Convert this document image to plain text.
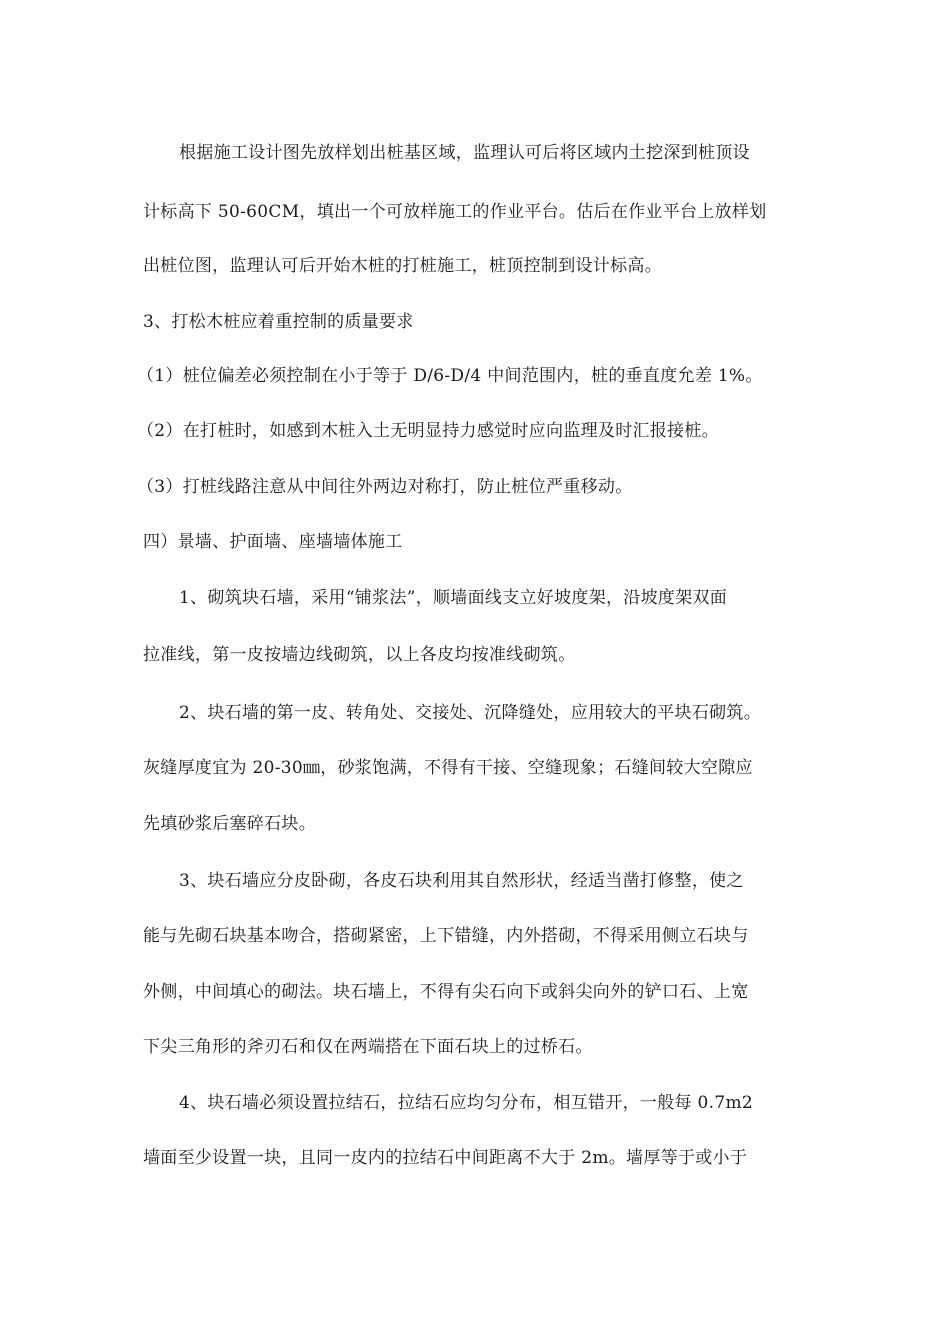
根据施工设计图先放样划出桩基区域，监理认可后将区域内土挖深到桩顶设
计标高下 50-60CM，填出一个可放样施工的作业平台。估后在作业平台上放样划
出桩位图，监理认可后开始木桩的打桩施工，桩顶控制到设计标高。
3、打松木桩应着重控制的质量要求
（1）桩位偏差必须控制在小于等于 D/6-D/4 中间范围内，桩的垂直度允差 1%。
（2）在打桩时，如感到木桩入土无明显持力感觉时应向监理及时汇报接桩。
（3）打桩线路注意从中间往外两边对称打，防止桩位严重移动。
四）景墙、护面墙、座墙墙体施工
1、砌筑块石墙，采用“铺浆法”，顺墙面线支立好坡度架，沿坡度架双面
拉准线，第一皮按墙边线砌筑，以上各皮均按准线砌筑。
2、块石墙的第一皮、转角处、交接处、沉降缝处，应用较大的平块石砌筑。
灰缝厚度宜为 20-30㎜，砂浆饱满，不得有干接、空缝现象；石缝间较大空隙应
先填砂浆后塞碎石块。
3、块石墙应分皮卧砌，各皮石块利用其自然形状，经适当凿打修整，使之
能与先砌石块基本吻合，搭砌紧密，上下错缝，内外搭砌，不得采用侧立石块与
外侧，中间填心的砌法。块石墙上，不得有尖石向下或斜尖向外的铲口石、上宽
下尖三角形的斧刃石和仅在两端搭在下面石块上的过桥石。
4、块石墙必须设置拉结石，拉结石应均匀分布，相互错开，一般每 0.7m2
墙面至少设置一块，且同一皮内的拉结石中间距离不大于 2m。墙厚等于或小于
